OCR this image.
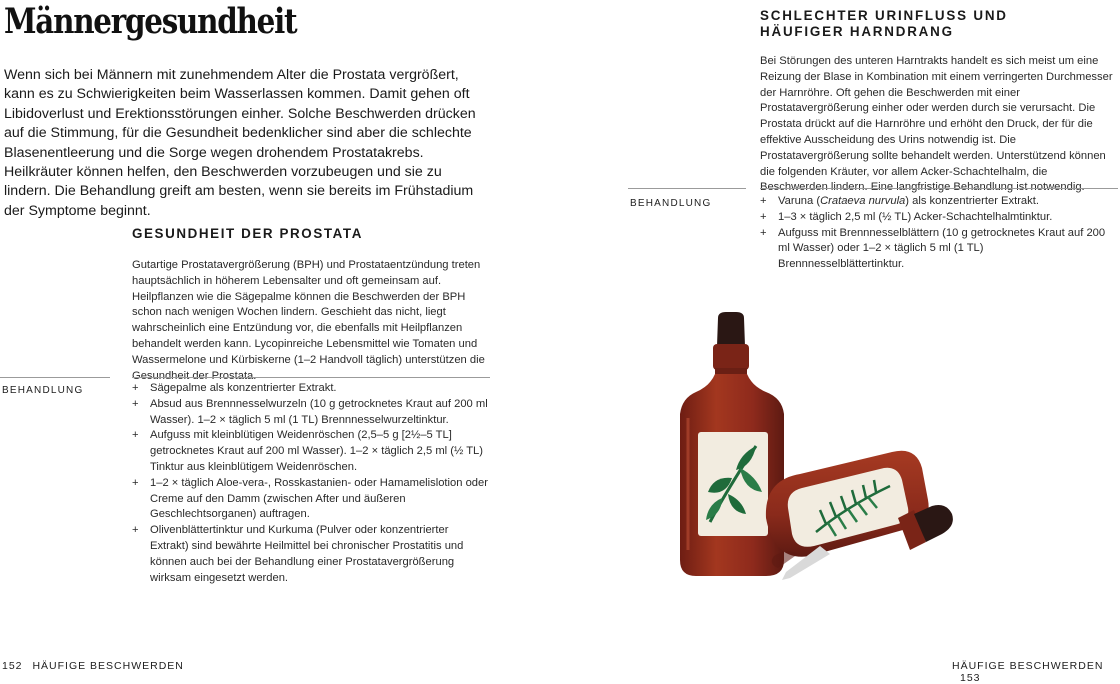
Männergesundheit

Wenn sich bei Männern mit zunehmendem Alter die Prostata vergrößert, kann es zu Schwierigkeiten beim Wasserlassen kommen. Damit gehen oft Libidoverlust und Erektionsstörungen einher. Solche Beschwerden drücken auf die Stimmung, für die Gesundheit bedenklicher sind aber die schlechte Blasenentleerung und die Sorge wegen drohendem Prostatakrebs. Heilkräuter können helfen, den Beschwerden vorzubeugen und sie zu lindern. Die Behandlung greift am besten, wenn sie bereits im Frühstadium der Symptome beginnt.

GESUNDHEIT DER PROSTATA

Gutartige Prostatavergrößerung (BPH) und Prostataentzündung treten hauptsächlich in höherem Lebensalter und oft gemeinsam auf. Heilpflanzen wie die Sägepalme können die Beschwerden der BPH schon nach wenigen Wochen lindern. Geschieht das nicht, liegt wahrscheinlich eine Entzündung vor, die ebenfalls mit Heilpflanzen behandelt werden kann. Lycopinreiche Lebensmittel wie Tomaten und Wassermelone und Kürbiskerne (1–2 Handvoll täglich) unterstützen die Gesundheit der Prostata.

BEHANDLUNG	+ Sägepalme als konzentrierter Extrakt.
+ Absud aus Brennnesselwurzeln (10 g getrocknetes Kraut auf 200 ml Wasser). 1–2 × täglich 5 ml (1 TL) Brennnesselwurzeltinktur.
+ Aufguss mit kleinblütigen Weidenröschen (2,5–5 g [2½–5 TL] getrocknetes Kraut auf 200 ml Wasser). 1–2 × täglich 2,5 ml (½ TL) Tinktur aus kleinblütigem Weidenröschen.
+ 1–2 × täglich Aloe-vera-, Rosskastanien- oder Hamamelislotion oder Creme auf den Damm (zwischen After und äußeren Geschlechtsorganen) auftragen.
+ Olivenblättertinktur und Kurkuma (Pulver oder konzentrierter Extrakt) sind bewährte Heilmittel bei chronischer Prostatitis und können auch bei der Behandlung einer Prostatavergrößerung wirksam eingesetzt werden.
152 HÄUFIGE BESCHWERDEN
SCHLECHTER URINFLUSS UND
HÄUFIGER HARNDRANG

Bei Störungen des unteren Harntrakts handelt es sich meist um eine Reizung der Blase in Kombination mit einem verringerten Durchmesser der Harnröhre. Oft gehen die Beschwerden mit einer Prostatavergrößerung einher oder werden durch sie verursacht. Die Prostata drückt auf die Harnröhre und erhöht den Druck, der für die effektive Ausscheidung des Urins notwendig ist. Die Prostatavergrößerung sollte behandelt werden. Unterstützend können die folgenden Kräuter, vor allem Acker-Schachtelhalm, die Beschwerden lindern. Eine langfristige Behandlung ist notwendig.

BEHANDLUNG	+ Varuna (Crataeva nurvula) als konzentrierter Extrakt.
+ 1–3 × täglich 2,5 ml (½ TL) Acker-Schachtelhalmtinktur.
+ Aufguss mit Brennnesselblättern (10 g getrocknetes Kraut auf 200 ml Wasser) oder 1–2 × täglich 5 ml (1 TL) Brennnesselblättertinktur.
HÄUFIGE BESCHWERDEN 153
